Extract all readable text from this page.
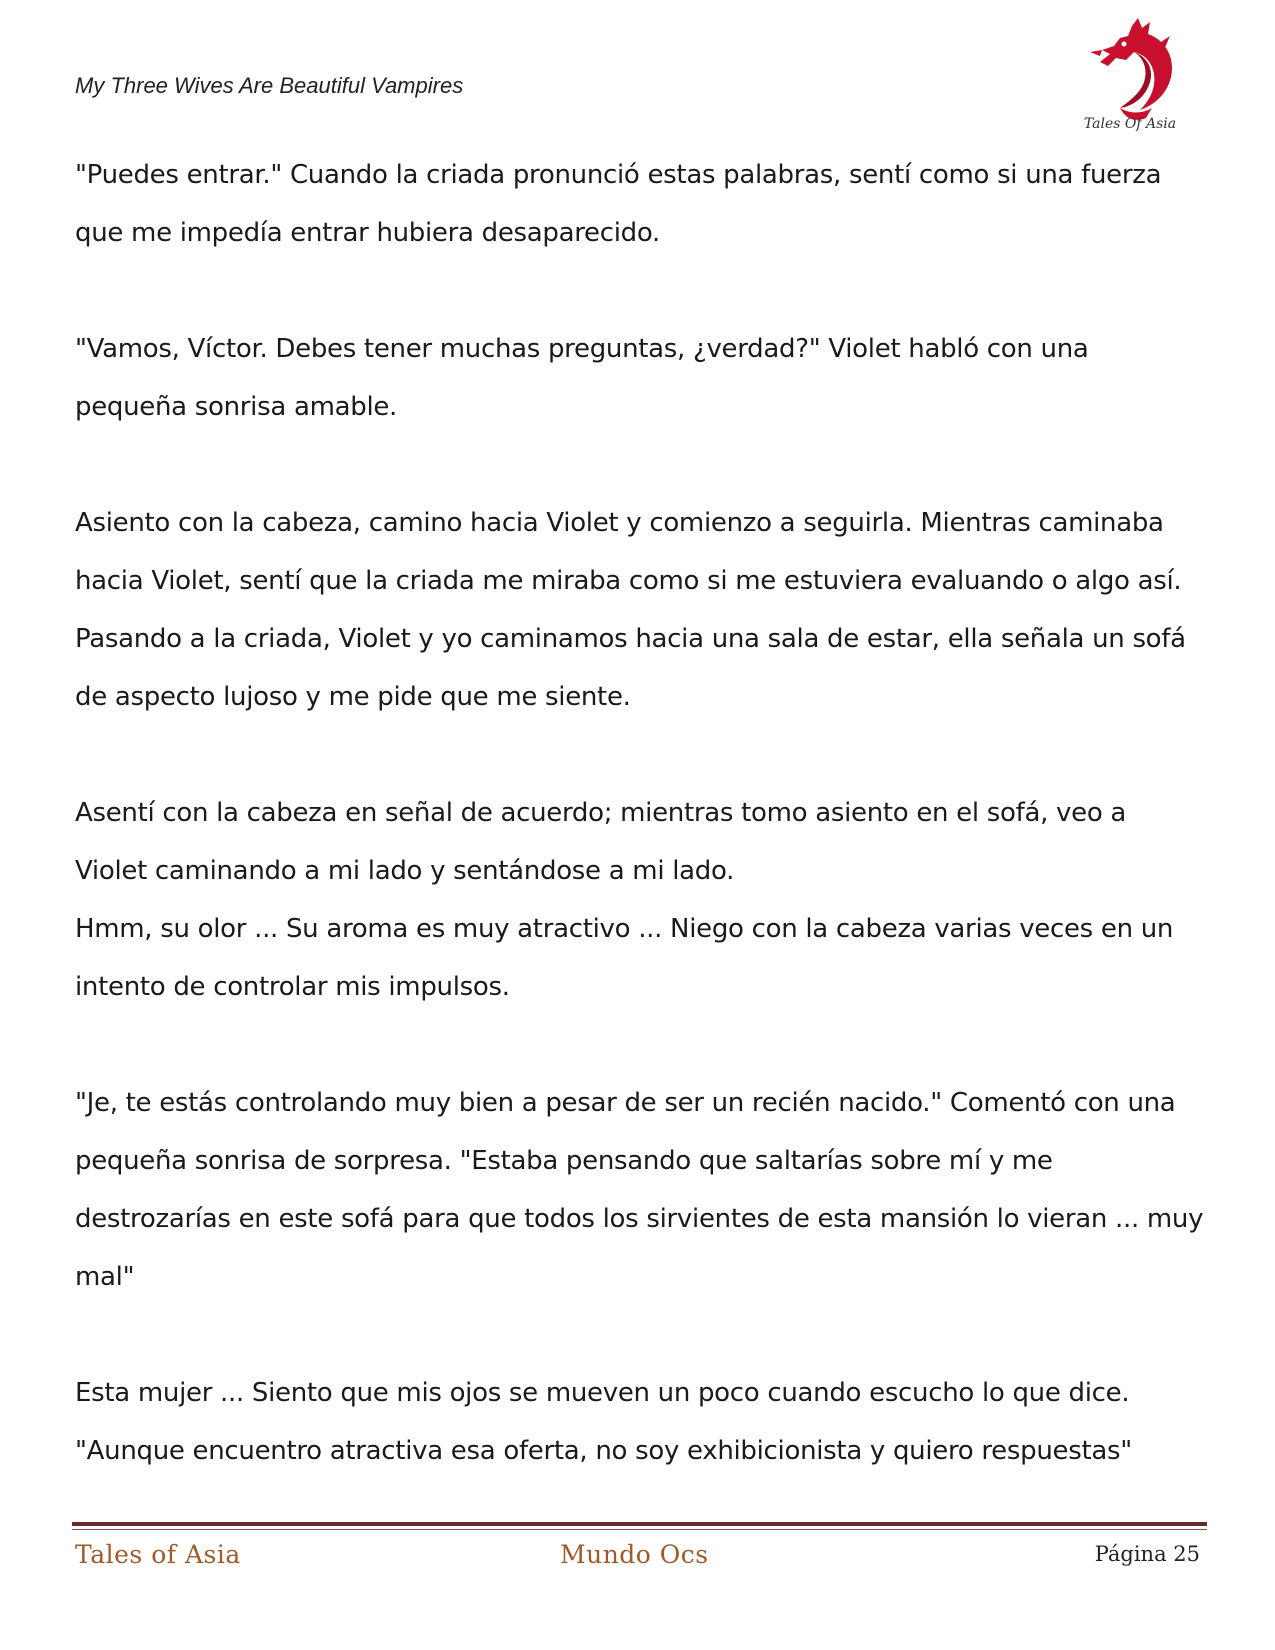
My Three Wives Are Beautiful Vampires
Tales Of Asia

"Puedes entrar." Cuando la criada pronunció estas palabras, sentí como si una fuerza que me impedía entrar hubiera desaparecido.

"Vamos, Víctor. Debes tener muchas preguntas, ¿verdad?" Violet habló con una pequeña sonrisa amable.

Asiento con la cabeza, camino hacia Violet y comienzo a seguirla. Mientras caminaba hacia Violet, sentí que la criada me miraba como si me estuviera evaluando o algo así. Pasando a la criada, Violet y yo caminamos hacia una sala de estar, ella señala un sofá de aspecto lujoso y me pide que me siente.

Asentí con la cabeza en señal de acuerdo; mientras tomo asiento en el sofá, veo a Violet caminando a mi lado y sentándose a mi lado.

Hmm, su olor ... Su aroma es muy atractivo ... Niego con la cabeza varias veces en un intento de controlar mis impulsos.

"Je, te estás controlando muy bien a pesar de ser un recién nacido." Comentó con una pequeña sonrisa de sorpresa. "Estaba pensando que saltarías sobre mí y me destrozarías en este sofá para que todos los sirvientes de esta mansión lo vieran ... muy mal"

Esta mujer ... Siento que mis ojos se mueven un poco cuando escucho lo que dice.

"Aunque encuentro atractiva esa oferta, no soy exhibicionista y quiero respuestas"

Tales of Asia	Mundo Ocs	Página 25
